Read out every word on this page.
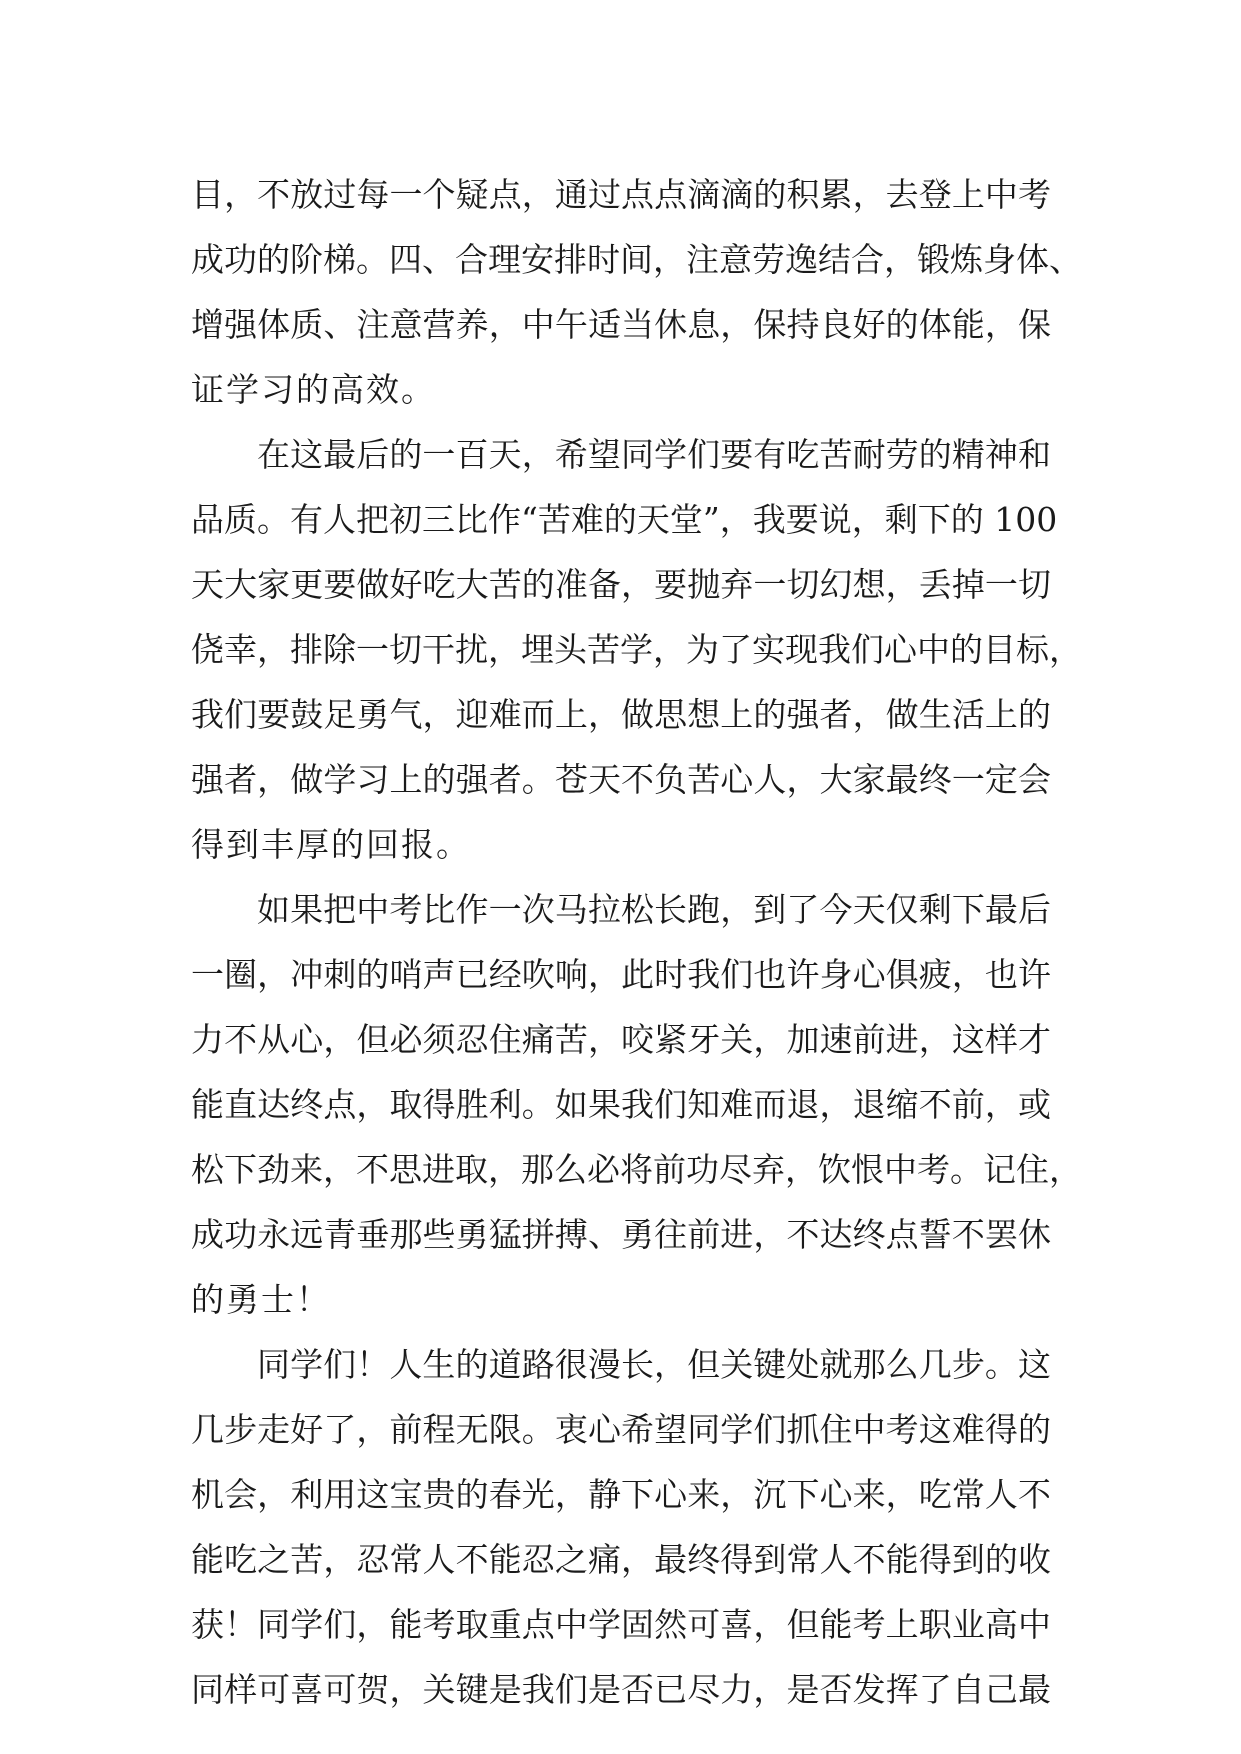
目，不放过每一个疑点，通过点点滴滴的积累，去登上中考
成功的阶梯。四、合理安排时间，注意劳逸结合，锻炼身体、
增强体质、注意营养，中午适当休息，保持良好的体能，保
证学习的高效。
在这最后的一百天，希望同学们要有吃苦耐劳的精神和
品质。有人把初三比作“苦难的天堂”，我要说，剩下的 100
天大家更要做好吃大苦的准备，要抛弃一切幻想，丢掉一切
侥幸，排除一切干扰，埋头苦学，为了实现我们心中的目标，
我们要鼓足勇气，迎难而上，做思想上的强者，做生活上的
强者，做学习上的强者。苍天不负苦心人，大家最终一定会
得到丰厚的回报。
如果把中考比作一次马拉松长跑，到了今天仅剩下最后
一圈，冲刺的哨声已经吹响，此时我们也许身心俱疲，也许
力不从心，但必须忍住痛苦，咬紧牙关，加速前进，这样才
能直达终点，取得胜利。如果我们知难而退，退缩不前，或
松下劲来，不思进取，那么必将前功尽弃，饮恨中考。记住，
成功永远青垂那些勇猛拼搏、勇往前进，不达终点誓不罢休
的勇士！
同学们！人生的道路很漫长，但关键处就那么几步。这
几步走好了，前程无限。衷心希望同学们抓住中考这难得的
机会，利用这宝贵的春光，静下心来，沉下心来，吃常人不
能吃之苦，忍常人不能忍之痛，最终得到常人不能得到的收
获！同学们，能考取重点中学固然可喜，但能考上职业高中
同样可喜可贺，关键是我们是否已尽力，是否发挥了自己最
